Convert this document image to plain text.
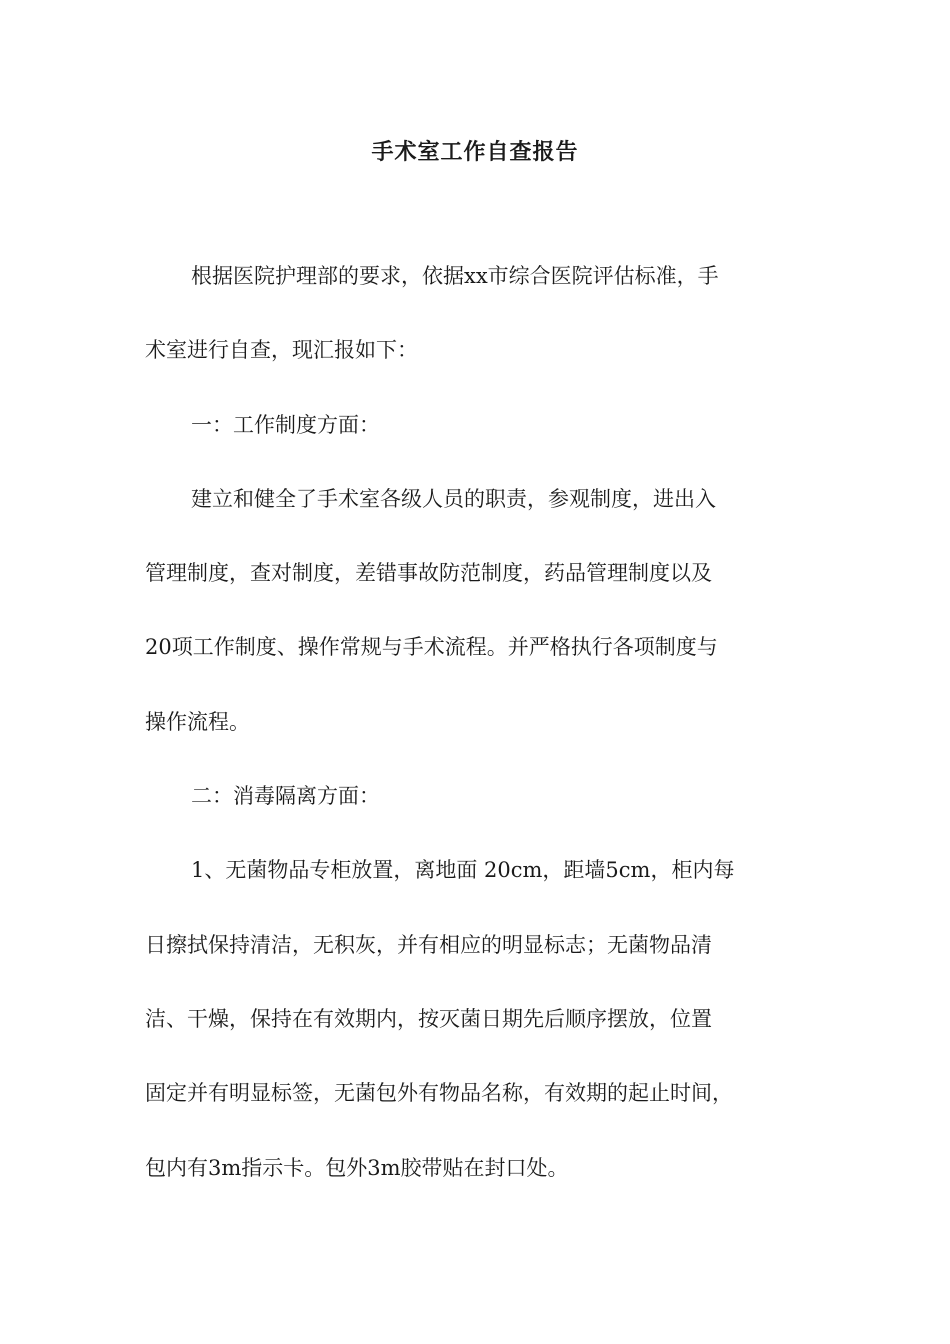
手术室工作自查报告
根据医院护理部的要求，依据xx市综合医院评估标准，手
术室进行自查，现汇报如下：
一：工作制度方面：
建立和健全了手术室各级人员的职责，参观制度，进出入
管理制度，查对制度，差错事故防范制度，药品管理制度以及
20项工作制度、操作常规与手术流程。并严格执行各项制度与
操作流程。
二：消毒隔离方面：
1、无菌物品专柜放置，离地面 20cm，距墙5cm，柜内每
日擦拭保持清洁，无积灰，并有相应的明显标志；无菌物品清
洁、干燥，保持在有效期内，按灭菌日期先后顺序摆放，位置
固定并有明显标签，无菌包外有物品名称，有效期的起止时间，
包内有3m指示卡。包外3m胶带贴在封口处。
